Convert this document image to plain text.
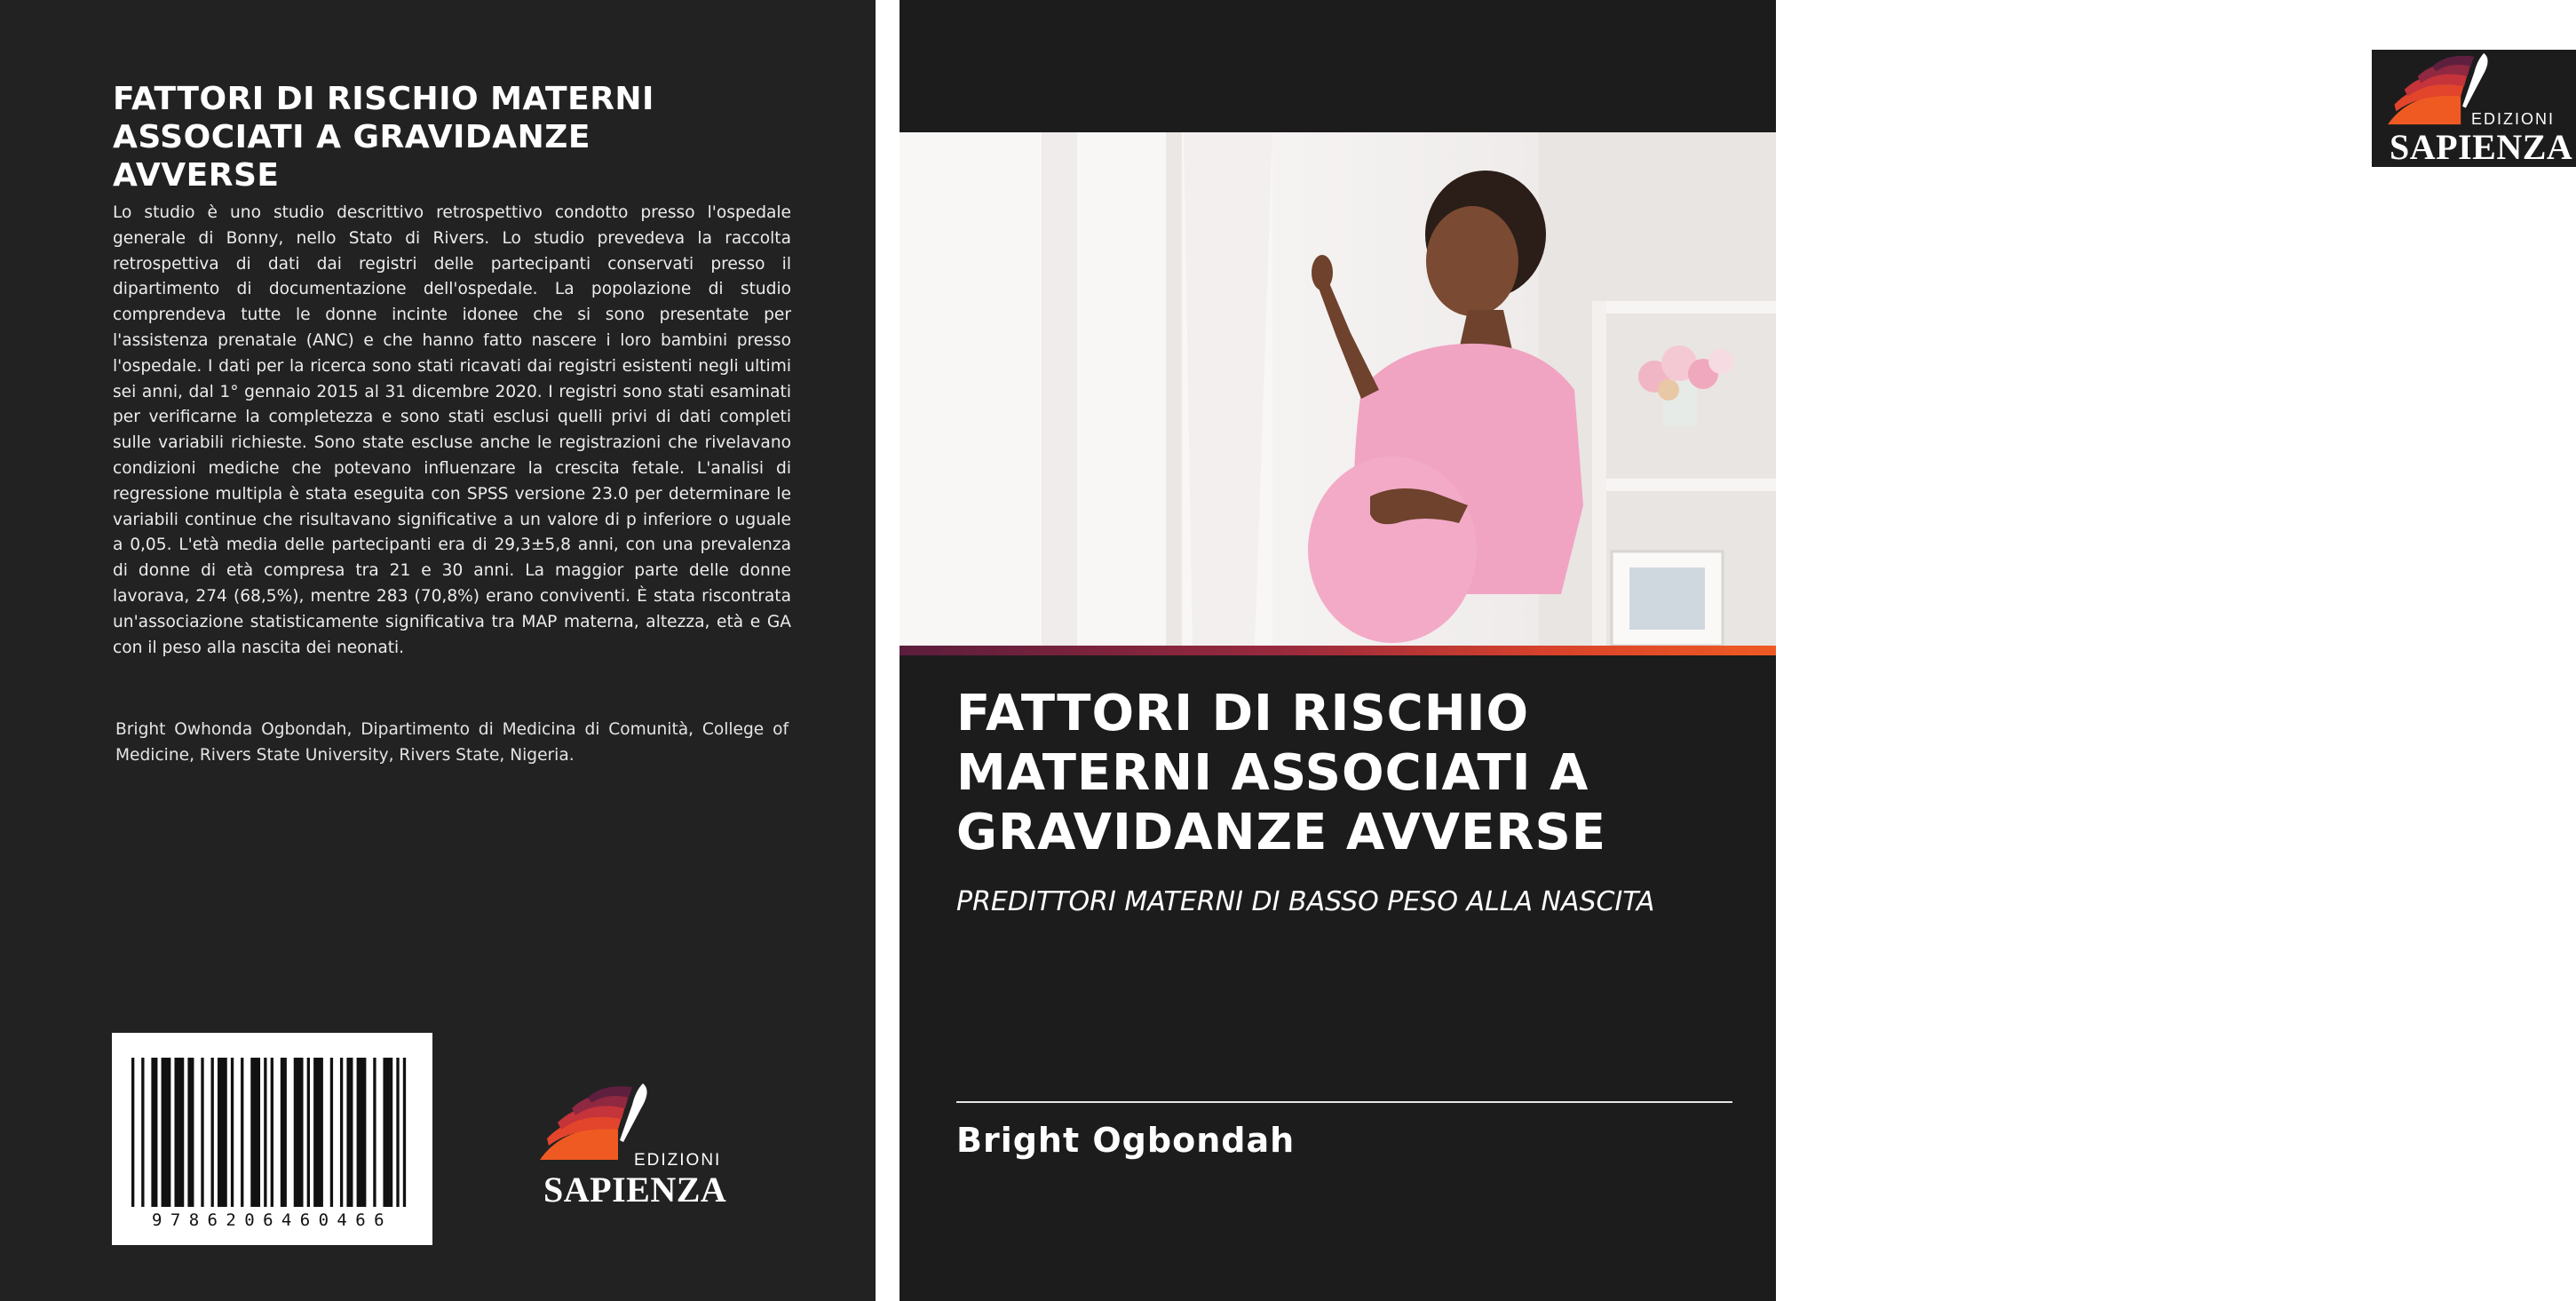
FATTORI DI RISCHIO MATERNI ASSOCIATI A GRAVIDANZE AVVERSE

Lo studio è uno studio descrittivo retrospettivo condotto presso l'ospedale generale di Bonny, nello Stato di Rivers. Lo studio prevedeva la raccolta retrospettiva di dati dai registri delle partecipanti conservati presso il dipartimento di documentazione dell'ospedale. La popolazione di studio comprendeva tutte le donne incinte idonee che si sono presentate per l'assistenza prenatale (ANC) e che hanno fatto nascere i loro bambini presso l'ospedale. I dati per la ricerca sono stati ricavati dai registri esistenti negli ultimi sei anni, dal 1° gennaio 2015 al 31 dicembre 2020. I registri sono stati esaminati per verificarne la completezza e sono stati esclusi quelli privi di dati completi sulle variabili richieste. Sono state escluse anche le registrazioni che rivelavano condizioni mediche che potevano influenzare la crescita fetale. L'analisi di regressione multipla è stata eseguita con SPSS versione 23.0 per determinare le variabili continue che risultavano significative a un valore di p inferiore o uguale a 0,05. L'età media delle partecipanti era di 29,3±5,8 anni, con una prevalenza di donne di età compresa tra 21 e 30 anni. La maggior parte delle donne lavorava, 274 (68,5%), mentre 283 (70,8%) erano conviventi. È stata riscontrata un'associazione statisticamente significativa tra MAP materna, altezza, età e GA con il peso alla nascita dei neonati.

Bright Owhonda Ogbondah, Dipartimento di Medicina di Comunità, College of Medicine, Rivers State University, Rivers State, Nigeria.

9786206460466
EDIZIONI
SAPIENZA
EDIZIONI
SAPIENZA
FATTORI DI RISCHIO MATERNI ASSOCIATI A GRAVIDANZE AVVERSE

PREDITTORI MATERNI DI BASSO PESO ALLA NASCITA

Bright Ogbondah
